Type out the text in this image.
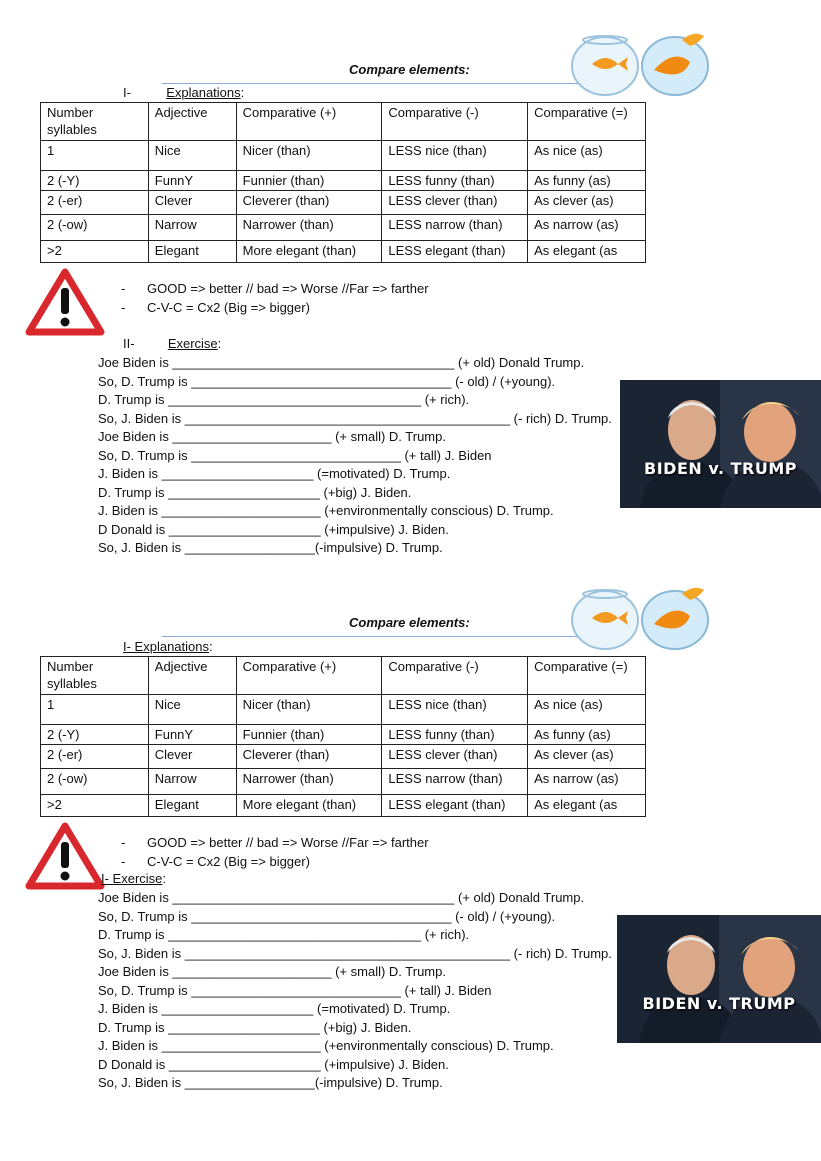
Compare elements:
I-	Explanations:
Number
syllables	Adjective	Comparative (+)	Comparative (-)	Comparative (=)
1	Nice	Nicer (than)	LESS nice (than)	As nice (as)
2 (-Y)	FunnY	Funnier (than)	LESS funny (than)	As funny (as)
2 (-er)	Clever	Cleverer (than)	LESS clever (than)	As clever (as)
2 (-ow)	Narrow	Narrower (than)	LESS narrow (than)	As narrow (as)
>2	Elegant	More elegant (than)	LESS elegant (than)	As elegant (as
- GOOD => better // bad => Worse //Far => farther
- C-V-C = Cx2 (Big => bigger)
II-	Exercise:
Joe Biden is _______________________________________ (+ old) Donald Trump.
So, D. Trump is ____________________________________ (- old) / (+young).
D. Trump is ___________________________________ (+ rich).
So, J. Biden is _____________________________________________ (- rich) D. Trump.
Joe Biden is ______________________ (+ small) D. Trump.
So, D. Trump is _____________________________ (+ tall) J. Biden
J. Biden is _____________________ (=motivated) D. Trump.
D. Trump is _____________________ (+big) J. Biden.
J. Biden is ______________________ (+environmentally conscious) D. Trump.
D Donald is _____________________ (+impulsive) J. Biden.
So, J. Biden is __________________(-impulsive) D. Trump.
BIDEN v. TRUMP
Compare elements:
I- Explanations:
Number
syllables	Adjective	Comparative (+)	Comparative (-)	Comparative (=)
1	Nice	Nicer (than)	LESS nice (than)	As nice (as)
2 (-Y)	FunnY	Funnier (than)	LESS funny (than)	As funny (as)
2 (-er)	Clever	Cleverer (than)	LESS clever (than)	As clever (as)
2 (-ow)	Narrow	Narrower (than)	LESS narrow (than)	As narrow (as)
>2	Elegant	More elegant (than)	LESS elegant (than)	As elegant (as
- GOOD => better // bad => Worse //Far => farther
- C-V-C = Cx2 (Big => bigger)
I- Exercise:
Joe Biden is _______________________________________ (+ old) Donald Trump.
So, D. Trump is ____________________________________ (- old) / (+young).
D. Trump is ___________________________________ (+ rich).
So, J. Biden is _____________________________________________ (- rich) D. Trump.
Joe Biden is ______________________ (+ small) D. Trump.
So, D. Trump is _____________________________ (+ tall) J. Biden
J. Biden is _____________________ (=motivated) D. Trump.
D. Trump is _____________________ (+big) J. Biden.
J. Biden is ______________________ (+environmentally conscious) D. Trump.
D Donald is _____________________ (+impulsive) J. Biden.
So, J. Biden is __________________(-impulsive) D. Trump.
BIDEN v. TRUMP
